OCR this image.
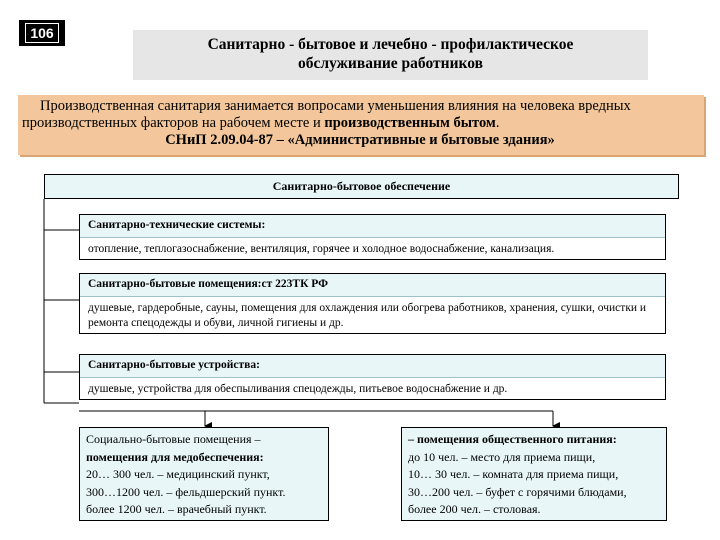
106
Санитарно - бытовое и лечебно - профилактическое
обслуживание работников
Производственная санитария занимается вопросами уменьшения влияния на человека вредных
производственных факторов на рабочем месте и производственным бытом.
СНиП 2.09.04-87 – «Административные и бытовые здания»
Санитарно-бытовое обеспечение
Санитарно-технические системы:
отопление, теплогазоснабжение, вентиляция, горячее и холодное водоснабжение, канализация.
Санитарно-бытовые помещения:ст 223ТК РФ
душевые, гардеробные, сауны, помещения для охлаждения или обогрева работников, хранения, сушки, очистки и ремонта спецодежды и обуви, личной гигиены и др.
Санитарно-бытовые устройства:
душевые, устройства для обеспыливания спецодежды, питьевое водоснабжение и др.
Социально-бытовые помещения –
помещения для медобеспечения:
20… 300 чел. – медицинский пункт,
300…1200 чел. – фельдшерский пункт.
более 1200 чел. – врачебный пункт.
– помещения общественного питания:
до 10 чел. – место для приема пищи,
10… 30 чел. – комната для приема пищи,
30…200 чел. – буфет с горячими блюдами,
более 200 чел. – столовая.
